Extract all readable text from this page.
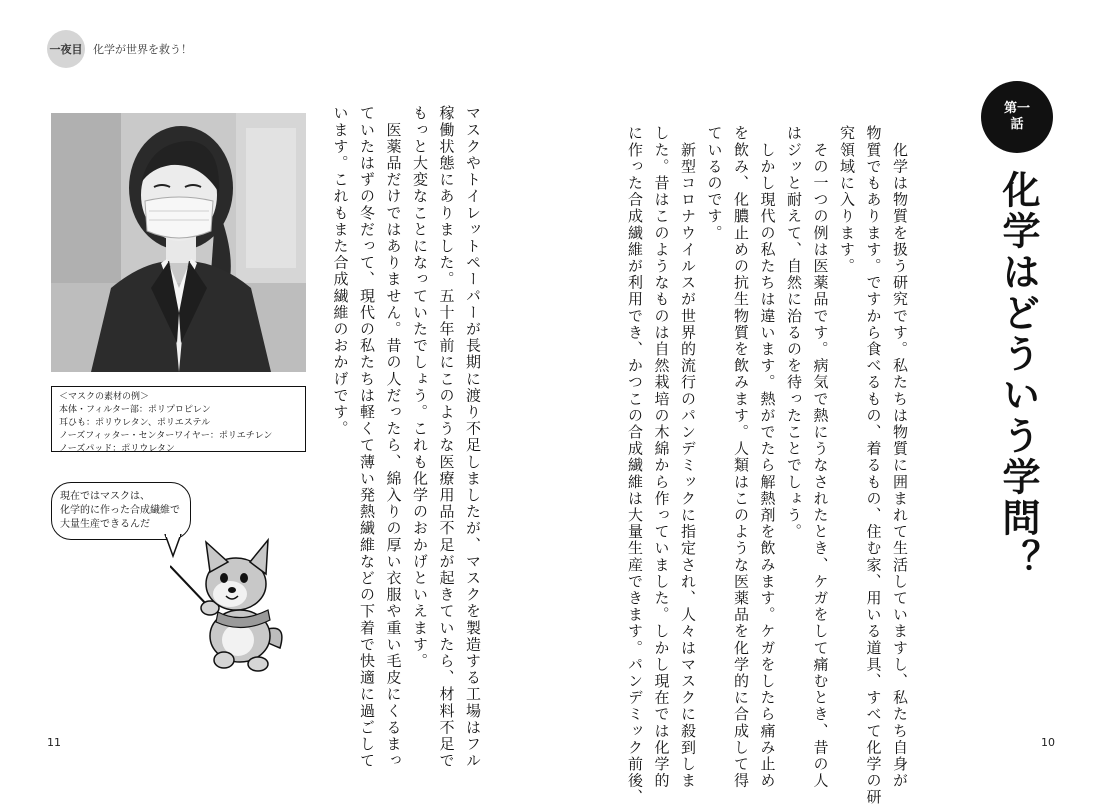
一夜目 化学が世界を救う！
第一
話
化学はどういう学問？

　化学は物質を扱う研究です。私たちは物質に囲まれて生活していますし、私たち自身が

物質でもあります。ですから食べるもの、着るもの、住む家、用いる道具、すべて化学の研

究領域に入ります。

　その一つの例は医薬品です。病気で熱にうなされたとき、ケガをして痛むとき、昔の人

はジッと耐えて、自然に治るのを待ったことでしょう。

　しかし現代の私たちは違います。熱がでたら解熱剤を飲みます。ケガをしたら痛み止め

を飲み、化膿止めの抗生物質を飲みます。人類はこのような医薬品を化学的に合成して得

ているのです。

　新型コロナウイルスが世界的流行のパンデミックに指定され、人々はマスクに殺到しま

した。昔はこのようなものは自然栽培の木綿から作っていました。しかし現在では化学的

に作った合成繊維が利用でき、かつこの合成繊維は大量生産できます。パンデミック前後、

マスクやトイレットペーパーが長期に渡り不足しましたが、マスクを製造する工場はフル

稼働状態にありました。五十年前にこのような医療用品不足が起きていたら、材料不足で

もっと大変なことになっていたでしょう。これも化学のおかげといえます。

　医薬品だけではありません。昔の人だったら、綿入りの厚い衣服や重い毛皮にくるまっ

ていたはずの冬だって、現代の私たちは軽くて薄い発熱繊維などの下着で快適に過ごして

います。これもまた合成繊維のおかげです。

＜マスクの素材の例＞
本体・フィルター部：ポリプロピレン
耳ひも：ポリウレタン、ポリエステル
ノーズフィッター・センターワイヤー：ポリエチレン
ノーズパッド：ポリウレタン
現在ではマスクは、
化学的に作った合成繊維で
大量生産できるんだ
11	10
